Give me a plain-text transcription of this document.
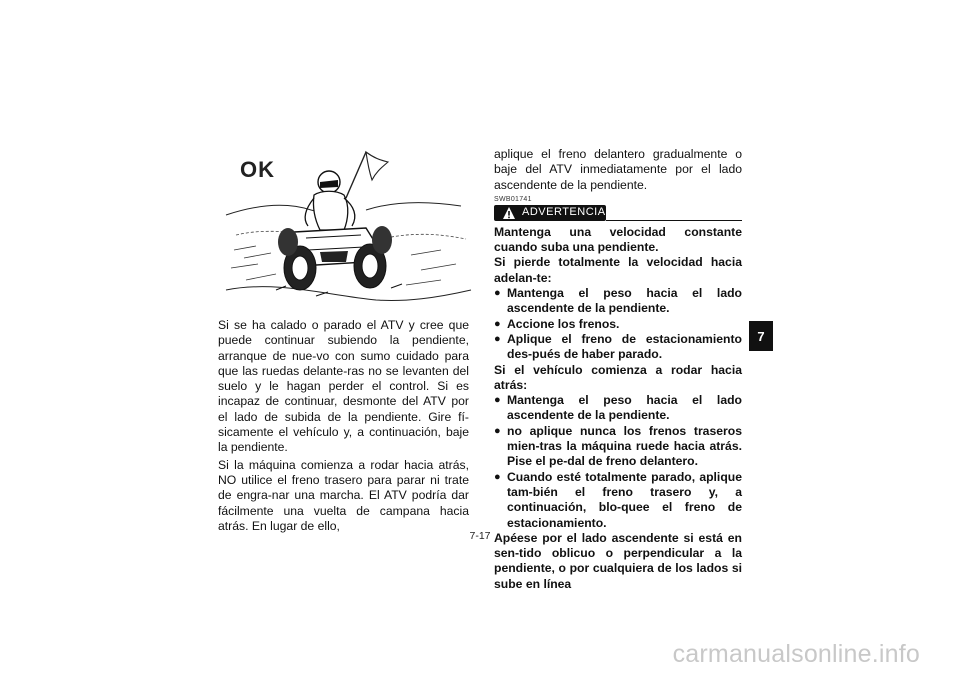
OK

Si se ha calado o parado el ATV y cree que puede continuar subiendo la pendiente, arranque de nue-vo con sumo cuidado para que las ruedas delante-ras no se levanten del suelo y le hagan perder el control. Si es incapaz de continuar, desmonte del ATV por el lado de subida de la pendiente. Gire fí-sicamente el vehículo y, a continuación, baje la pendiente.

Si la máquina comienza a rodar hacia atrás, NO utilice el freno trasero para parar ni trate de engra-nar una marcha. El ATV podría dar fácilmente una vuelta de campana hacia atrás. En lugar de ello,

aplique el freno delantero gradualmente o baje del ATV inmediatamente por el lado ascendente de la pendiente.

SWB01741
ADVERTENCIA
Mantenga una velocidad constante cuando suba una pendiente.
Si pierde totalmente la velocidad hacia adelan-te:
● Mantenga el peso hacia el lado ascendente de la pendiente.
● Accione los frenos.
● Aplique el freno de estacionamiento des-pués de haber parado.
Si el vehículo comienza a rodar hacia atrás:
● Mantenga el peso hacia el lado ascendente de la pendiente.
● no aplique nunca los frenos traseros mien-tras la máquina ruede hacia atrás. Pise el pe-dal de freno delantero.
● Cuando esté totalmente parado, aplique tam-bién el freno trasero y, a continuación, blo-quee el freno de estacionamiento.
Apéese por el lado ascendente si está en sen-tido oblicuo o perpendicular a la pendiente, o por cualquiera de los lados si sube en línea
7
7-17
carmanualsonline.info
